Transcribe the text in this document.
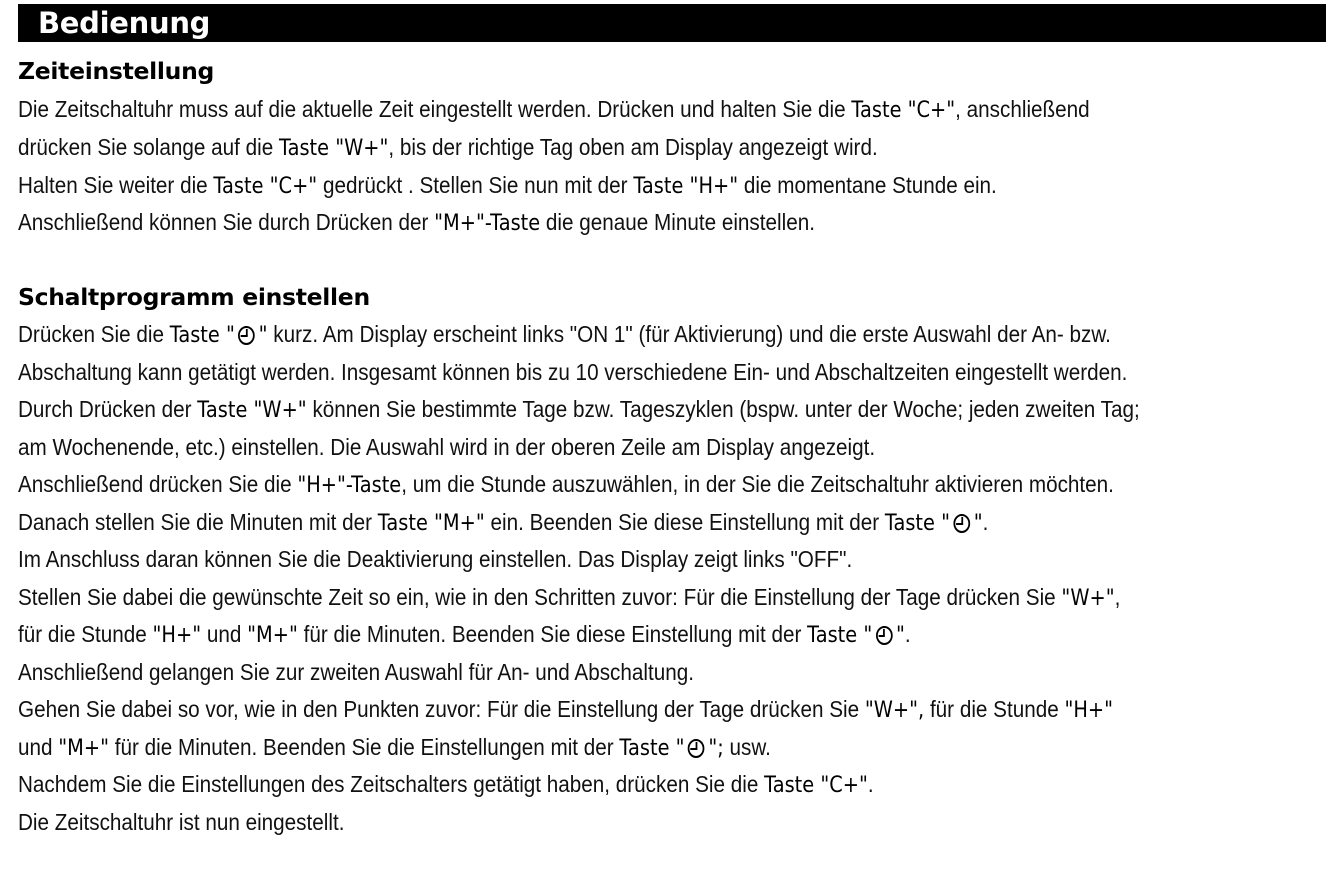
Bedienung
Zeiteinstellung
Die Zeitschaltuhr muss auf die aktuelle Zeit eingestellt werden. Drücken und halten Sie die Taste "C+", anschließend
drücken Sie solange auf die Taste "W+", bis der richtige Tag oben am Display angezeigt wird.
Halten Sie weiter die Taste "C+" gedrückt . Stellen Sie nun mit der Taste "H+" die momentane Stunde ein.
Anschließend können Sie durch Drücken der "M+"-Taste die genaue Minute einstellen.
Schaltprogramm einstellen
Drücken Sie die Taste " " kurz. Am Display erscheint links "ON 1" (für Aktivierung) und die erste Auswahl der An- bzw.
Abschaltung kann getätigt werden. Insgesamt können bis zu 10 verschiedene Ein- und Abschaltzeiten eingestellt werden.
Durch Drücken der Taste "W+" können Sie bestimmte Tage bzw. Tageszyklen (bspw. unter der Woche; jeden zweiten Tag;
am Wochenende, etc.) einstellen. Die Auswahl wird in der oberen Zeile am Display angezeigt.
Anschließend drücken Sie die "H+"-Taste, um die Stunde auszuwählen, in der Sie die Zeitschaltuhr aktivieren möchten.
Danach stellen Sie die Minuten mit der Taste "M+" ein. Beenden Sie diese Einstellung mit der Taste " ".
Im Anschluss daran können Sie die Deaktivierung einstellen. Das Display zeigt links "OFF".
Stellen Sie dabei die gewünschte Zeit so ein, wie in den Schritten zuvor: Für die Einstellung der Tage drücken Sie "W+",
für die Stunde "H+" und "M+" für die Minuten. Beenden Sie diese Einstellung mit der Taste " ".
Anschließend gelangen Sie zur zweiten Auswahl für An- und Abschaltung.
Gehen Sie dabei so vor, wie in den Punkten zuvor: Für die Einstellung der Tage drücken Sie "W+", für die Stunde "H+"
und "M+" für die Minuten. Beenden Sie die Einstellungen mit der Taste " "; usw.
Nachdem Sie die Einstellungen des Zeitschalters getätigt haben, drücken Sie die Taste "C+".
Die Zeitschaltuhr ist nun eingestellt.
